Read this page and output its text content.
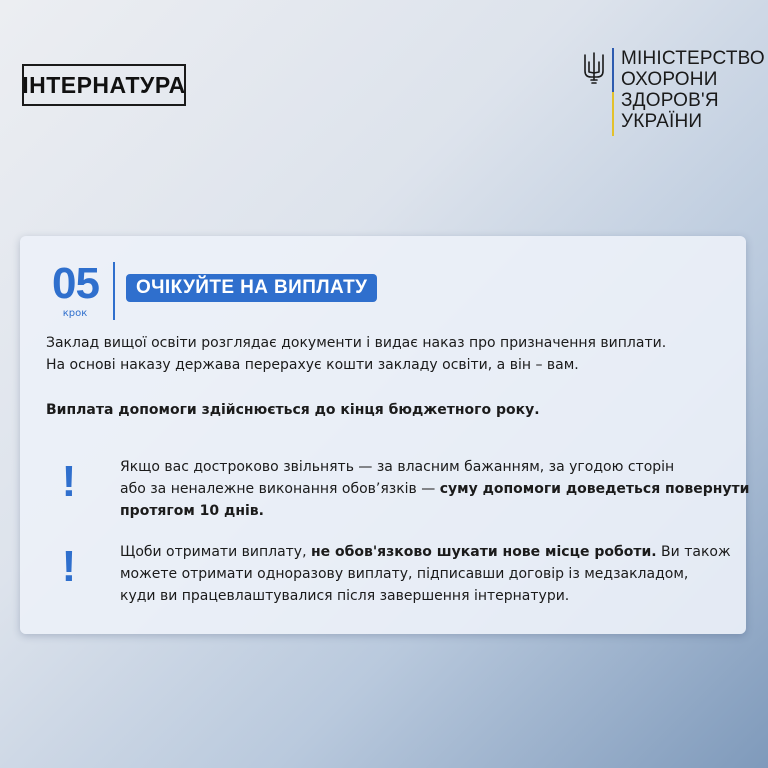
ІНТЕРНАТУРА
МІНІСТЕРСТВО
ОХОРОНИ
ЗДОРОВ'Я
УКРАЇНИ
05
крок
ОЧІКУЙТЕ НА ВИПЛАТУ
Заклад вищої освіти розглядає документи і видає наказ про призначення виплати.
На основі наказу держава перерахує кошти закладу освіти, а він – вам.
Виплата допомоги здійснюється до кінця бюджетного року.
!	Якщо вас достроково звільнять — за власним бажанням, за угодою сторін
або за неналежне виконання обов’язків — суму допомоги доведеться повернути
протягом 10 днів.
!	Щоби отримати виплату, не обов'язково шукати нове місце роботи. Ви також
можете отримати одноразову виплату, підписавши договір із медзакладом,
куди ви працевлаштувалися після завершення інтернатури.
